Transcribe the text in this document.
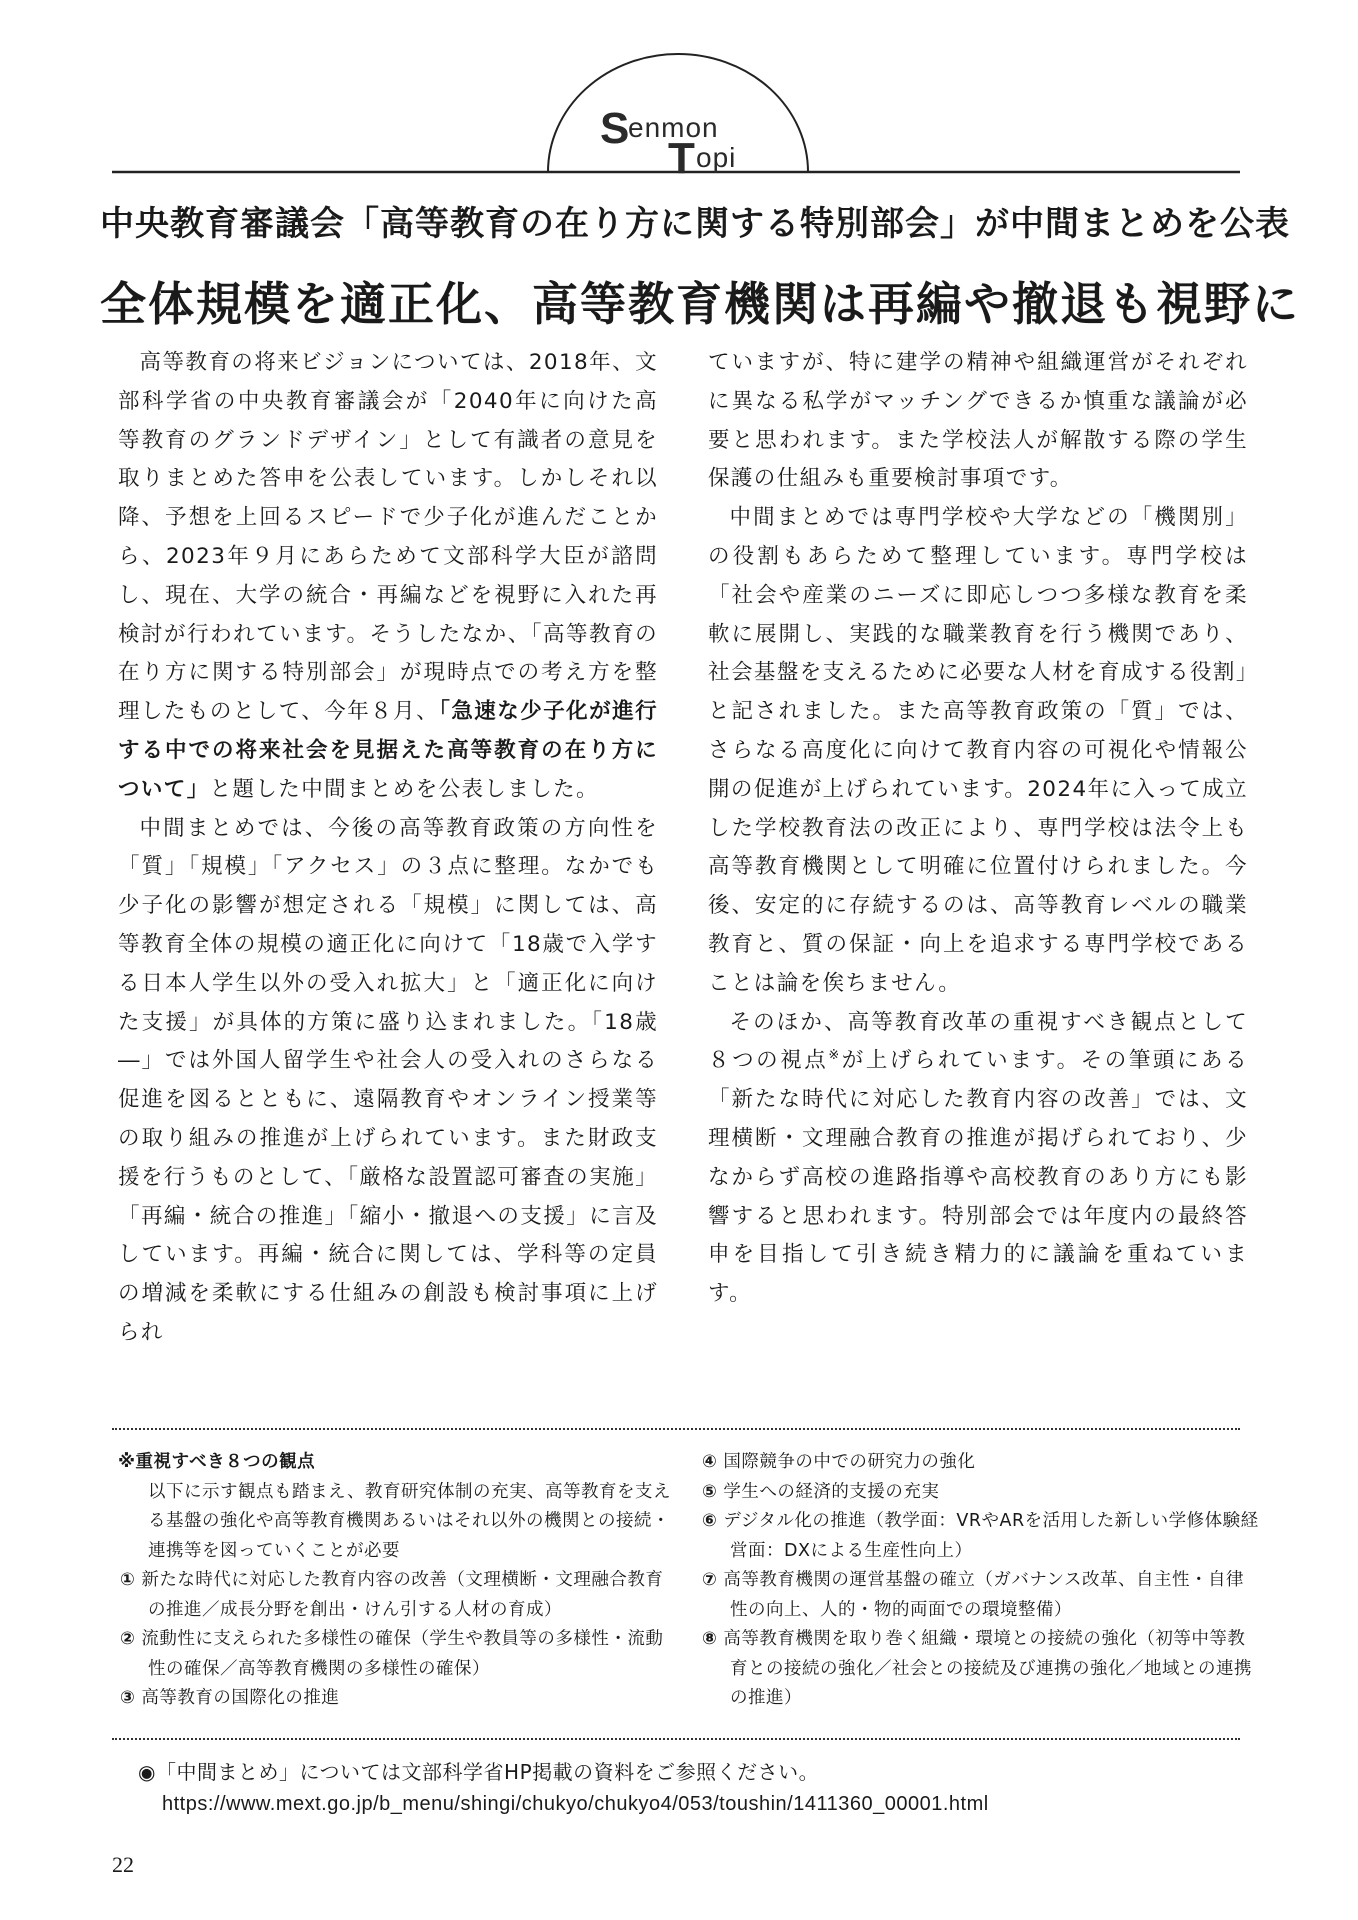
S
enmon
T opi
中央教育審議会「高等教育の在り方に関する特別部会」が中間まとめを公表
全体規模を適正化、高等教育機関は再編や撤退も視野に

高等教育の将来ビジョンについては、2018年、文部科学省の中央教育審議会が「2040年に向けた高等教育のグランドデザイン」として有識者の意見を取りまとめた答申を公表しています。しかしそれ以降、予想を上回るスピードで少子化が進んだことから、2023年９月にあらためて文部科学大臣が諮問し、現在、大学の統合・再編などを視野に入れた再検討が行われています。そうしたなか、「高等教育の在り方に関する特別部会」が現時点での考え方を整理したものとして、今年８月、「急速な少子化が進行する中での将来社会を見据えた高等教育の在り方について」と題した中間まとめを公表しました。

中間まとめでは、今後の高等教育政策の方向性を「質」「規模」「アクセス」の３点に整理。なかでも少子化の影響が想定される「規模」に関しては、高等教育全体の規模の適正化に向けて「18歳で入学する日本人学生以外の受入れ拡大」と「適正化に向けた支援」が具体的方策に盛り込まれました。「18歳―」では外国人留学生や社会人の受入れのさらなる促進を図るとともに、遠隔教育やオンライン授業等の取り組みの推進が上げられています。また財政支援を行うものとして、「厳格な設置認可審査の実施」「再編・統合の推進」「縮小・撤退への支援」に言及しています。再編・統合に関しては、学科等の定員の増減を柔軟にする仕組みの創設も検討事項に上げられ

ていますが、特に建学の精神や組織運営がそれぞれに異なる私学がマッチングできるか慎重な議論が必要と思われます。また学校法人が解散する際の学生保護の仕組みも重要検討事項です。

中間まとめでは専門学校や大学などの「機関別」の役割もあらためて整理しています。専門学校は「社会や産業のニーズに即応しつつ多様な教育を柔軟に展開し、実践的な職業教育を行う機関であり、社会基盤を支えるために必要な人材を育成する役割」と記されました。また高等教育政策の「質」では、さらなる高度化に向けて教育内容の可視化や情報公開の促進が上げられています。2024年に入って成立した学校教育法の改正により、専門学校は法令上も高等教育機関として明確に位置付けられました。今後、安定的に存続するのは、高等教育レベルの職業教育と、質の保証・向上を追求する専門学校であることは論を俟ちません。

そのほか、高等教育改革の重視すべき観点として８つの視点※が上げられています。その筆頭にある「新たな時代に対応した教育内容の改善」では、文理横断・文理融合教育の推進が掲げられており、少なからず高校の進路指導や高校教育のあり方にも影響すると思われます。特別部会では年度内の最終答申を目指して引き続き精力的に議論を重ねています。

※重視すべき８つの観点
以下に示す観点も踏まえ、教育研究体制の充実、高等教育を支える基盤の強化や高等教育機関あるいはそれ以外の機関との接続・連携等を図っていくことが必要
① 新たな時代に対応した教育内容の改善（文理横断・文理融合教育の推進／成長分野を創出・けん引する人材の育成）
② 流動性に支えられた多様性の確保（学生や教員等の多様性・流動性の確保／高等教育機関の多様性の確保）
③ 高等教育の国際化の推進
④ 国際競争の中での研究力の強化
⑤ 学生への経済的支援の充実
⑥ デジタル化の推進（教学面：VRやARを活用した新しい学修体験経営面：DXによる生産性向上）
⑦ 高等教育機関の運営基盤の確立（ガバナンス改革、自主性・自律性の向上、人的・物的両面での環境整備）
⑧ 高等教育機関を取り巻く組織・環境との接続の強化（初等中等教育との接続の強化／社会との接続及び連携の強化／地域との連携の推進）
◉「中間まとめ」については文部科学省HP掲載の資料をご参照ください。
https://www.mext.go.jp/b_menu/shingi/chukyo/chukyo4/053/toushin/1411360_00001.html
22
